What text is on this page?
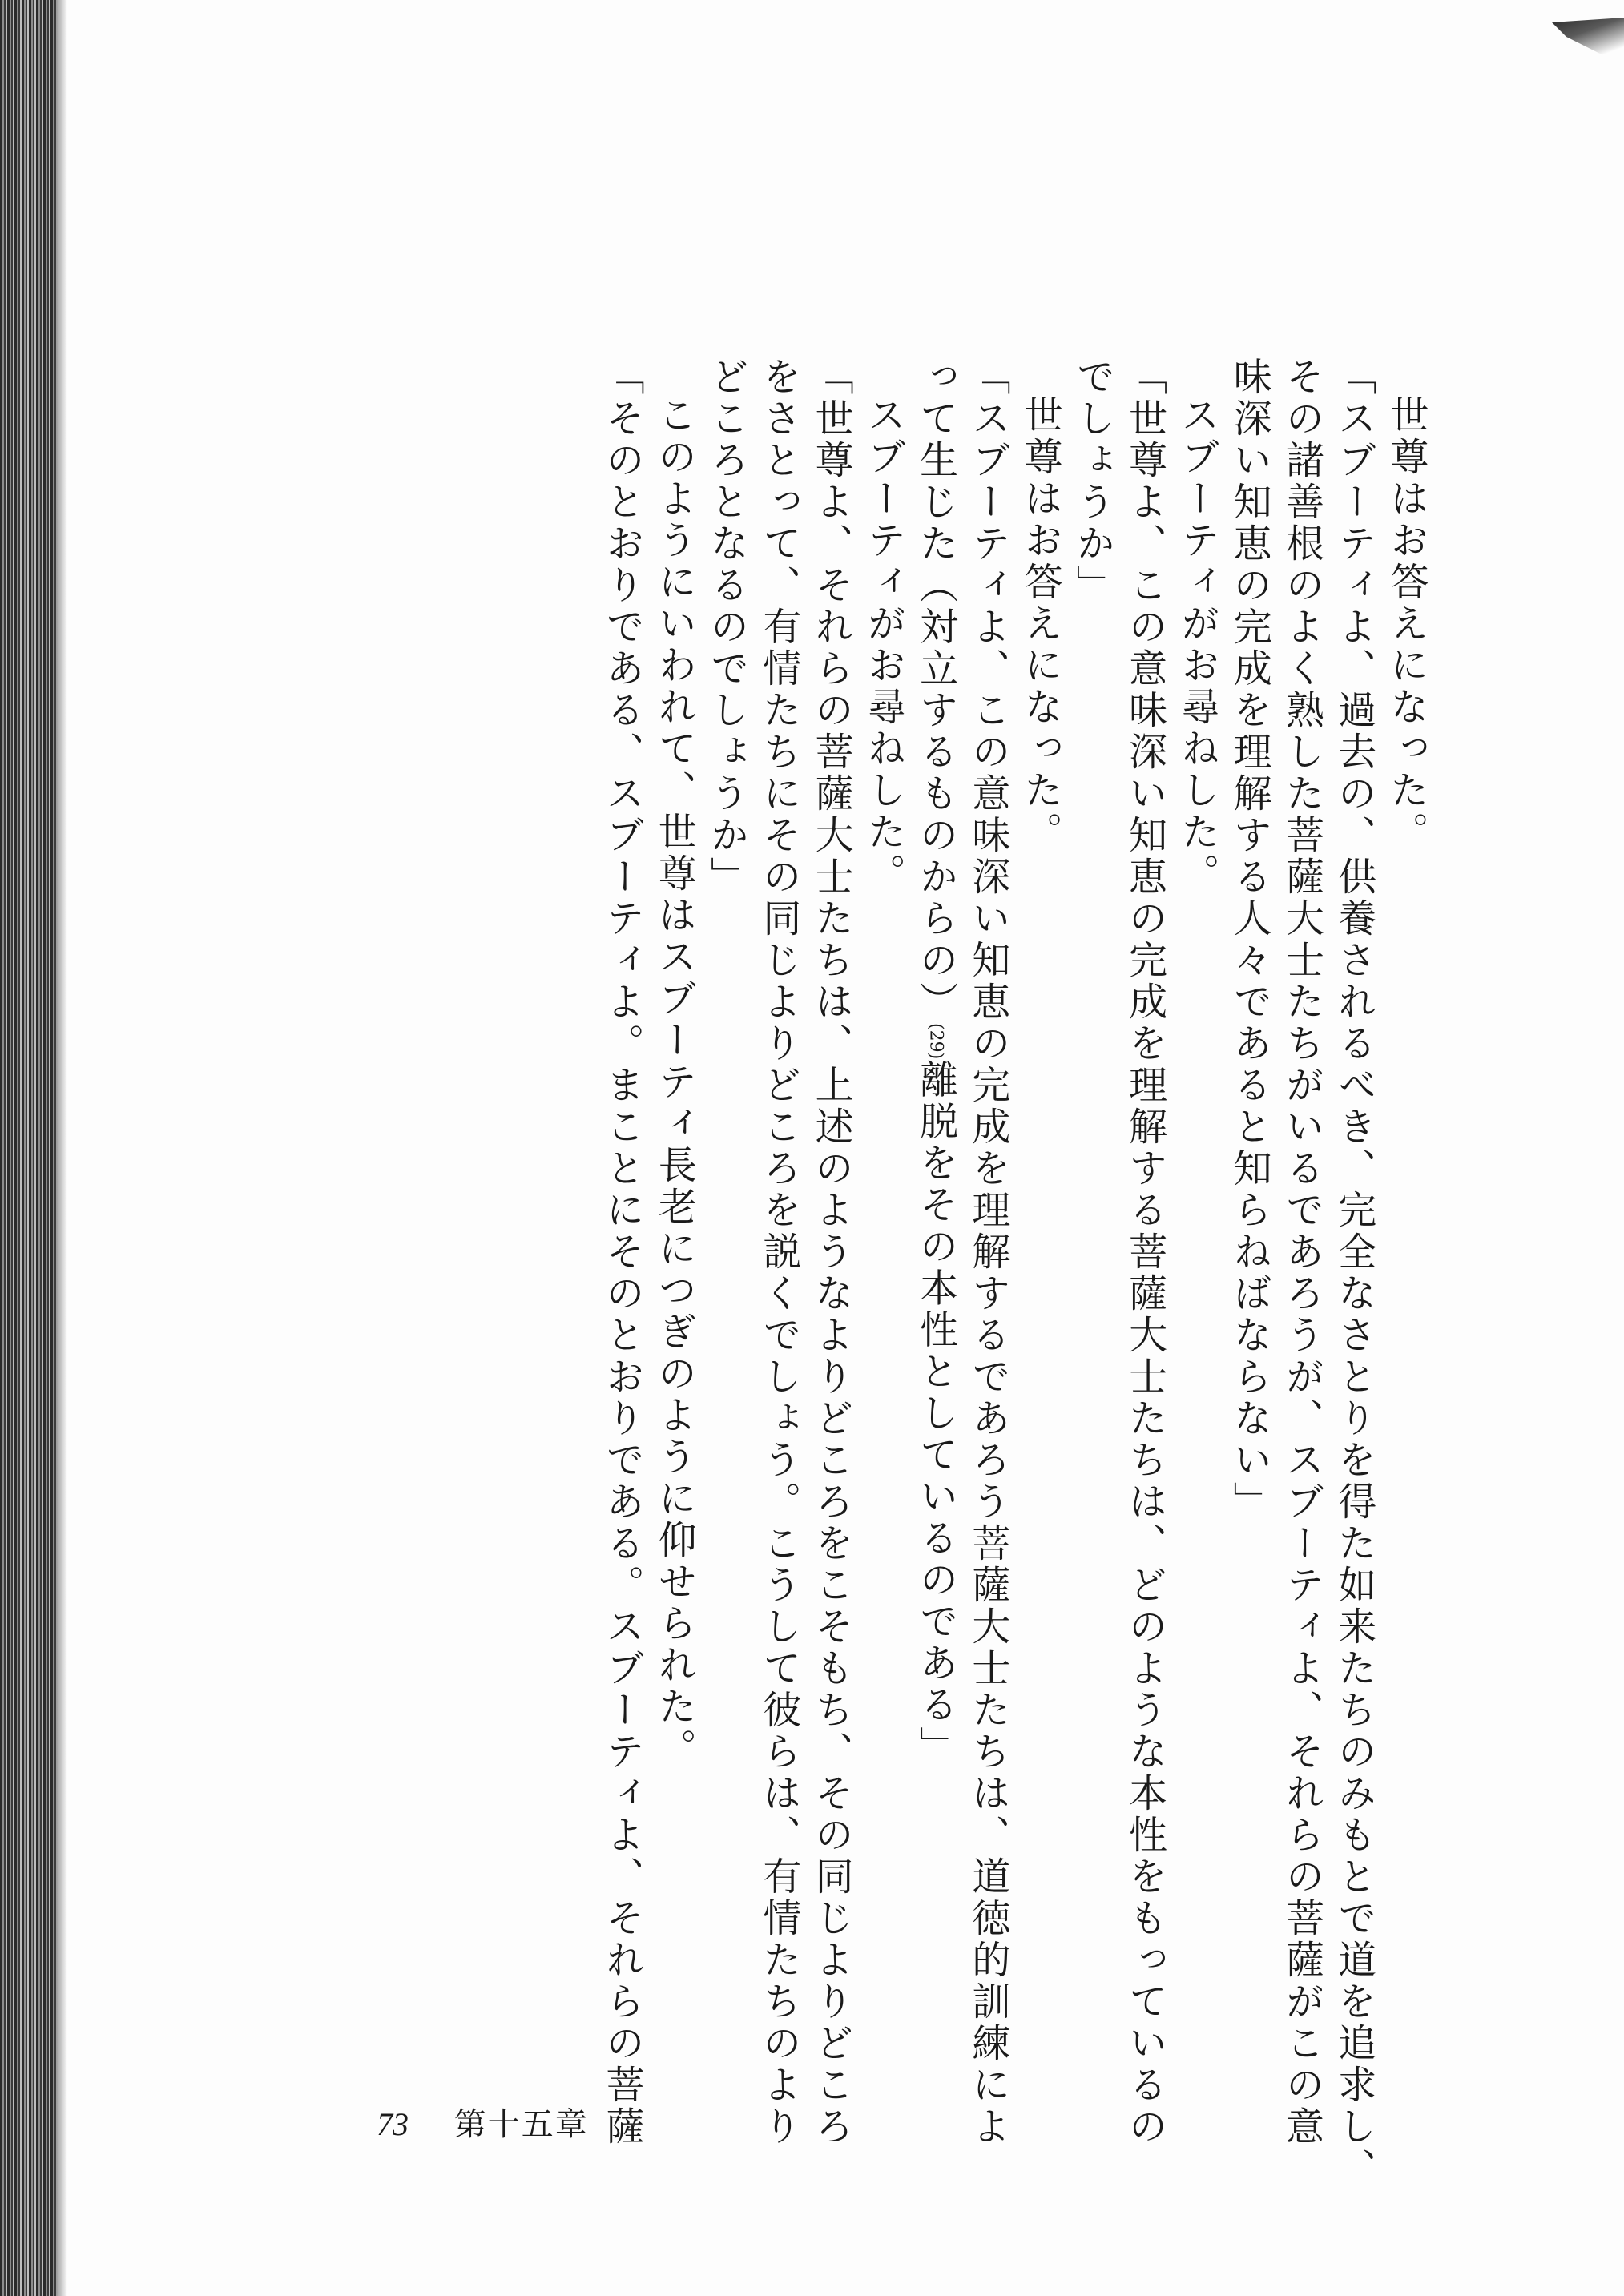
世尊はお答えになった。
「スブーティよ、過去の、供養されるべき、完全なさとりを得た如来たちのみもとで道を追求し、
その諸善根のよく熟した菩薩大士たちがいるであろうが、スブーティよ、それらの菩薩がこの意
味深い知恵の完成を理解する人々であると知らねばならない」
スブーティがお尋ねした。
「世尊よ、この意味深い知恵の完成を理解する菩薩大士たちは、どのような本性をもっているの
でしょうか」
世尊はお答えになった。
「スブーティよ、この意味深い知恵の完成を理解するであろう菩薩大士たちは、道徳的訓練によ
って生じた（対立するものからの）(29)離脱をその本性としているのである」
スブーティがお尋ねした。
「世尊よ、それらの菩薩大士たちは、上述のようなよりどころをこそもち、その同じよりどころ
をさとって、有情たちにその同じよりどころを説くでしょう。こうして彼らは、有情たちのより
どころとなるのでしょうか」
このようにいわれて、世尊はスブーティ長老につぎのように仰せられた。
「そのとおりである、スブーティよ。まことにそのとおりである。スブーティよ、それらの菩薩
73 第十五章
